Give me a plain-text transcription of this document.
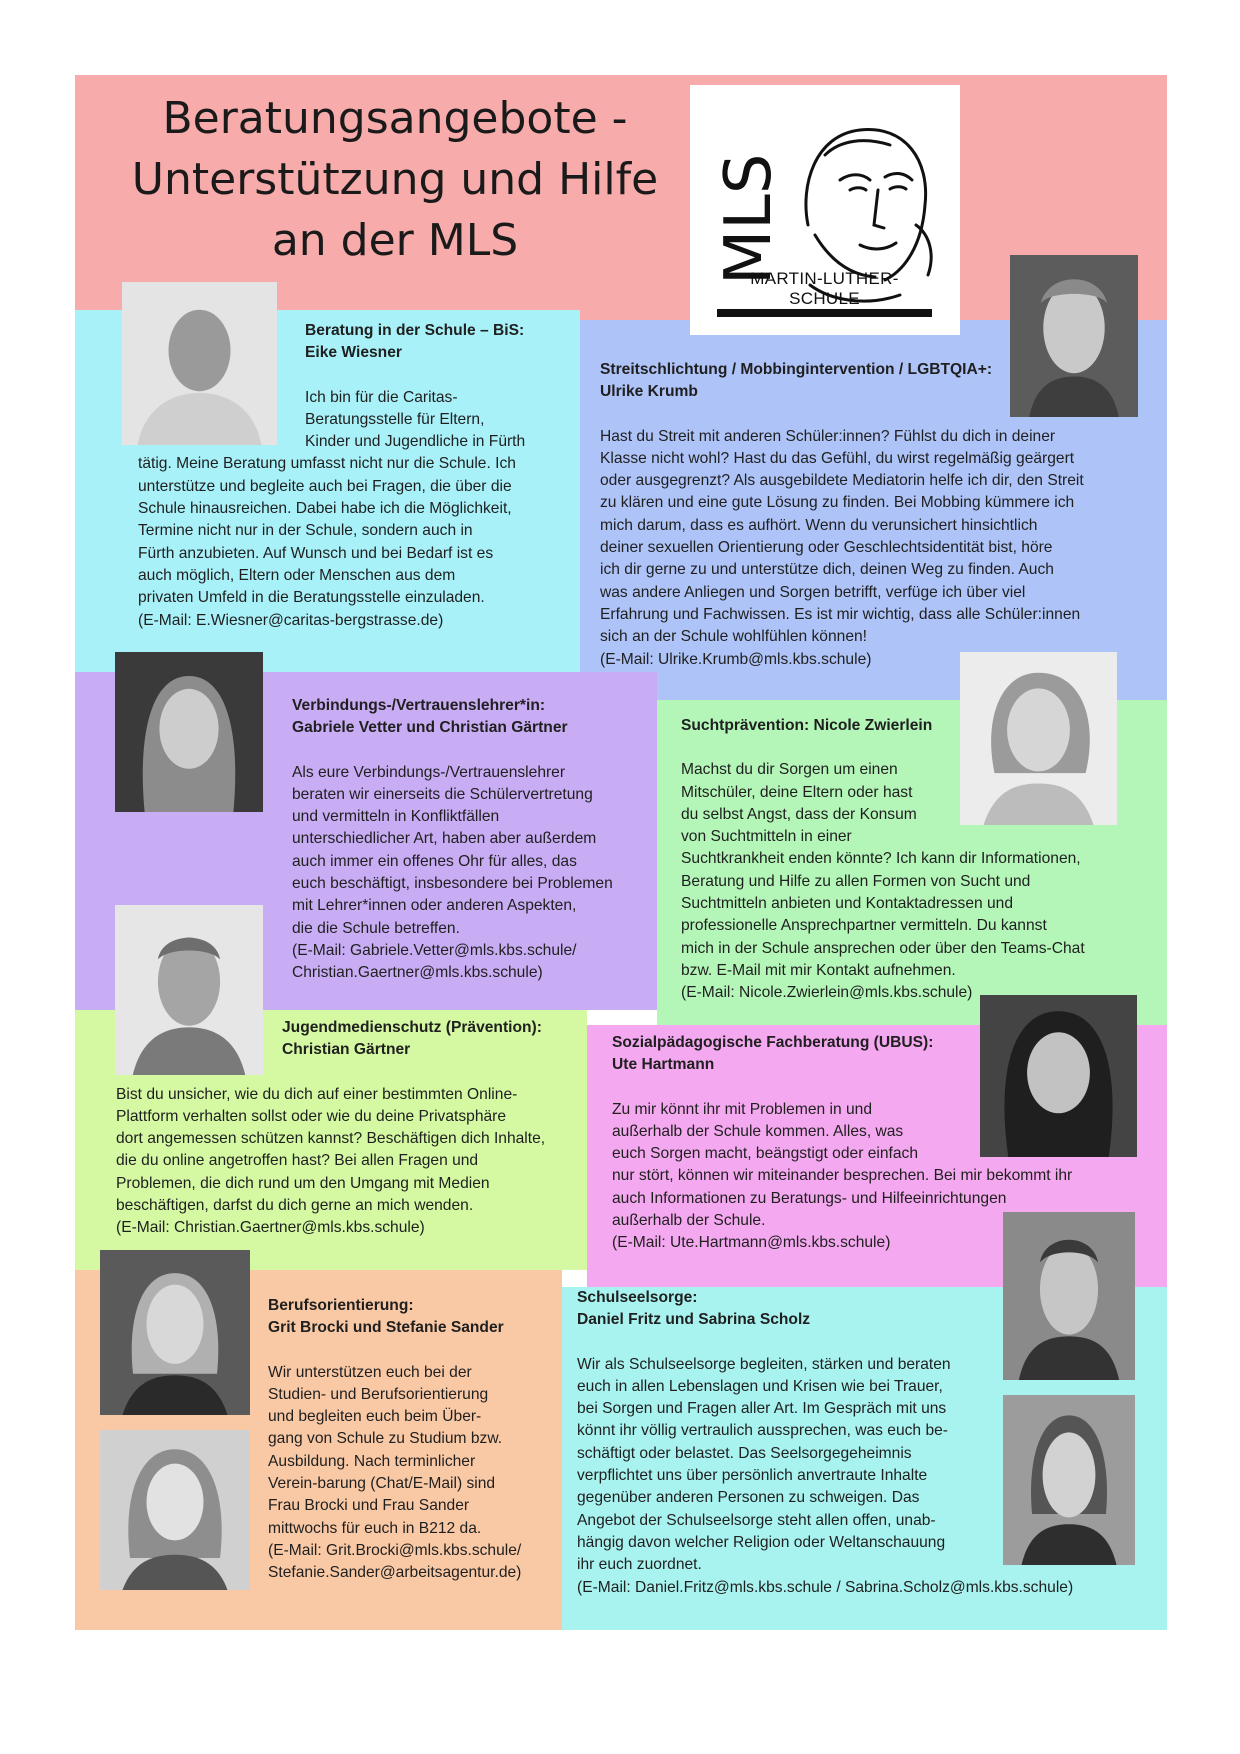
Beratungsangebote -
Unterstützung und Hilfe
an der MLS	MLS
MARTIN-LUTHER-SCHULE

Beratung in der Schule – BiS:

Eike Wiesner

Ich bin für die Caritas-

Beratungsstelle für Eltern,

Kinder und Jugendliche in Fürth

tätig. Meine Beratung umfasst nicht nur die Schule. Ich

unterstütze und begleite auch bei Fragen, die über die

Schule hinausreichen. Dabei habe ich die Möglichkeit,

Termine nicht nur in der Schule, sondern auch in

Fürth anzubieten. Auf Wunsch und bei Bedarf ist es

auch möglich, Eltern oder Menschen aus dem

privaten Umfeld in die Beratungsstelle einzuladen.

(E-Mail: E.Wiesner@caritas-bergstrasse.de)

Streitschlichtung / Mobbingintervention / LGBTQIA+:

Ulrike Krumb

Hast du Streit mit anderen Schüler:innen? Fühlst du dich in deiner

Klasse nicht wohl? Hast du das Gefühl, du wirst regelmäßig geärgert

oder ausgegrenzt? Als ausgebildete Mediatorin helfe ich dir, den Streit

zu klären und eine gute Lösung zu finden. Bei Mobbing kümmere ich

mich darum, dass es aufhört. Wenn du verunsichert hinsichtlich

deiner sexuellen Orientierung oder Geschlechtsidentität bist, höre

ich dir gerne zu und unterstütze dich, deinen Weg zu finden. Auch

was andere Anliegen und Sorgen betrifft, verfüge ich über viel

Erfahrung und Fachwissen. Es ist mir wichtig, dass alle Schüler:innen

sich an der Schule wohlfühlen können!

(E-Mail: Ulrike.Krumb@mls.kbs.schule)

Verbindungs-/Vertrauenslehrer*in:

Gabriele Vetter und Christian Gärtner

Als eure Verbindungs-/Vertrauenslehrer

beraten wir einerseits die Schülervertretung

und vermitteln in Konfliktfällen

unterschiedlicher Art, haben aber außerdem

auch immer ein offenes Ohr für alles, das

euch beschäftigt, insbesondere bei Problemen

mit Lehrer*innen oder anderen Aspekten,

die die Schule betreffen.

(E-Mail: Gabriele.Vetter@mls.kbs.schule/

Christian.Gaertner@mls.kbs.schule)

Suchtprävention: Nicole Zwierlein

Machst du dir Sorgen um einen

Mitschüler, deine Eltern oder hast

du selbst Angst, dass der Konsum

von Suchtmitteln in einer

Suchtkrankheit enden könnte? Ich kann dir Informationen,

Beratung und Hilfe zu allen Formen von Sucht und

Suchtmitteln anbieten und Kontaktadressen und

professionelle Ansprechpartner vermitteln. Du kannst

mich in der Schule ansprechen oder über den Teams-Chat

bzw. E-Mail mit mir Kontakt aufnehmen.

(E-Mail: Nicole.Zwierlein@mls.kbs.schule)

Jugendmedienschutz (Prävention):

Christian Gärtner

Bist du unsicher, wie du dich auf einer bestimmten Online-

Plattform verhalten sollst oder wie du deine Privatsphäre

dort angemessen schützen kannst? Beschäftigen dich Inhalte,

die du online angetroffen hast? Bei allen Fragen und

Problemen, die dich rund um den Umgang mit Medien

beschäftigen, darfst du dich gerne an mich wenden.

(E-Mail: Christian.Gaertner@mls.kbs.schule)

Sozialpädagogische Fachberatung (UBUS):

Ute Hartmann

Zu mir könnt ihr mit Problemen in und

außerhalb der Schule kommen. Alles, was

euch Sorgen macht, beängstigt oder einfach

nur stört, können wir miteinander besprechen. Bei mir bekommt ihr

auch Informationen zu Beratungs- und Hilfeeinrichtungen

außerhalb der Schule.

(E-Mail: Ute.Hartmann@mls.kbs.schule)

Berufsorientierung:

Grit Brocki und Stefanie Sander

Wir unterstützen euch bei der

Studien- und Berufsorientierung

und begleiten euch beim Über-

gang von Schule zu Studium bzw.

Ausbildung. Nach terminlicher

Verein-barung (Chat/E-Mail) sind

Frau Brocki und Frau Sander

mittwochs für euch in B212 da.

(E-Mail: Grit.Brocki@mls.kbs.schule/

Stefanie.Sander@arbeitsagentur.de)

Schulseelsorge:

Daniel Fritz und Sabrina Scholz

Wir als Schulseelsorge begleiten, stärken und beraten

euch in allen Lebenslagen und Krisen wie bei Trauer,

bei Sorgen und Fragen aller Art. Im Gespräch mit uns

könnt ihr völlig vertraulich aussprechen, was euch be-

schäftigt oder belastet. Das Seelsorgegeheimnis

verpflichtet uns über persönlich anvertraute Inhalte

gegenüber anderen Personen zu schweigen. Das

Angebot der Schulseelsorge steht allen offen, unab-

hängig davon welcher Religion oder Weltanschauung

ihr euch zuordnet.

(E-Mail: Daniel.Fritz@mls.kbs.schule / Sabrina.Scholz@mls.kbs.schule)
